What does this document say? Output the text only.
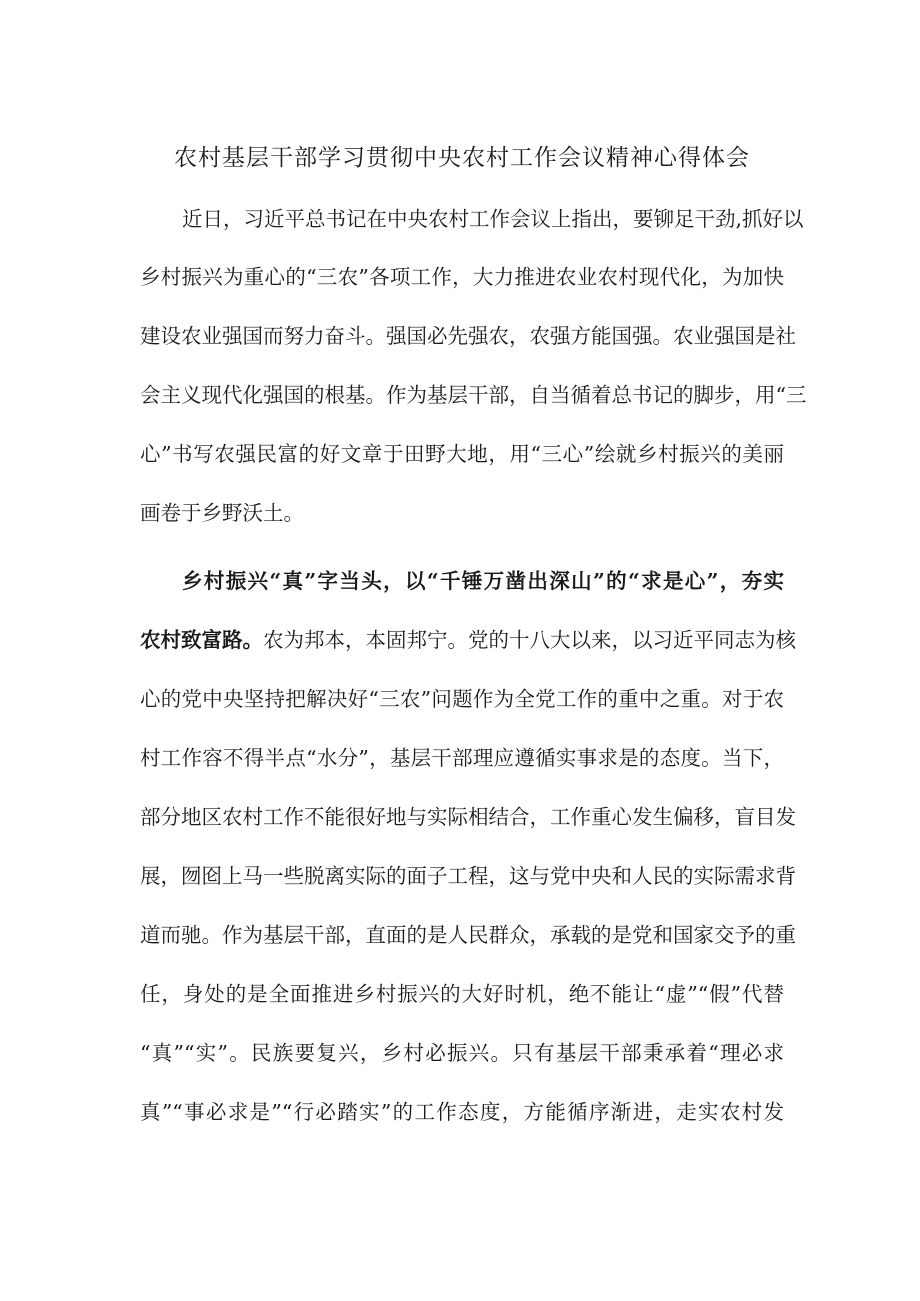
农村基层干部学习贯彻中央农村工作会议精神心得体会
近日，习近平总书记在中央农村工作会议上指出，要铆足干劲,抓好以
乡村振兴为重心的“三农”各项工作，大力推进农业农村现代化，为加快
建设农业强国而努力奋斗。强国必先强农，农强方能国强。农业强国是社
会主义现代化强国的根基。作为基层干部，自当循着总书记的脚步，用“三
心”书写农强民富的好文章于田野大地，用“三心”绘就乡村振兴的美丽
画卷于乡野沃土。
乡村振兴“真”字当头，以“千锤万凿出深山”的“求是心”，夯实
农村致富路。农为邦本，本固邦宁。党的十八大以来，以习近平同志为核
心的党中央坚持把解决好“三农”问题作为全党工作的重中之重。对于农
村工作容不得半点“水分”，基层干部理应遵循实事求是的态度。当下，
部分地区农村工作不能很好地与实际相结合，工作重心发生偏移，盲目发
展，囫囵上马一些脱离实际的面子工程，这与党中央和人民的实际需求背
道而驰。作为基层干部，直面的是人民群众，承载的是党和国家交予的重
任，身处的是全面推进乡村振兴的大好时机，绝不能让“虚”“假”代替
“真”“实”。民族要复兴，乡村必振兴。只有基层干部秉承着“理必求
真”“事必求是”“行必踏实”的工作态度，方能循序渐进，走实农村发
